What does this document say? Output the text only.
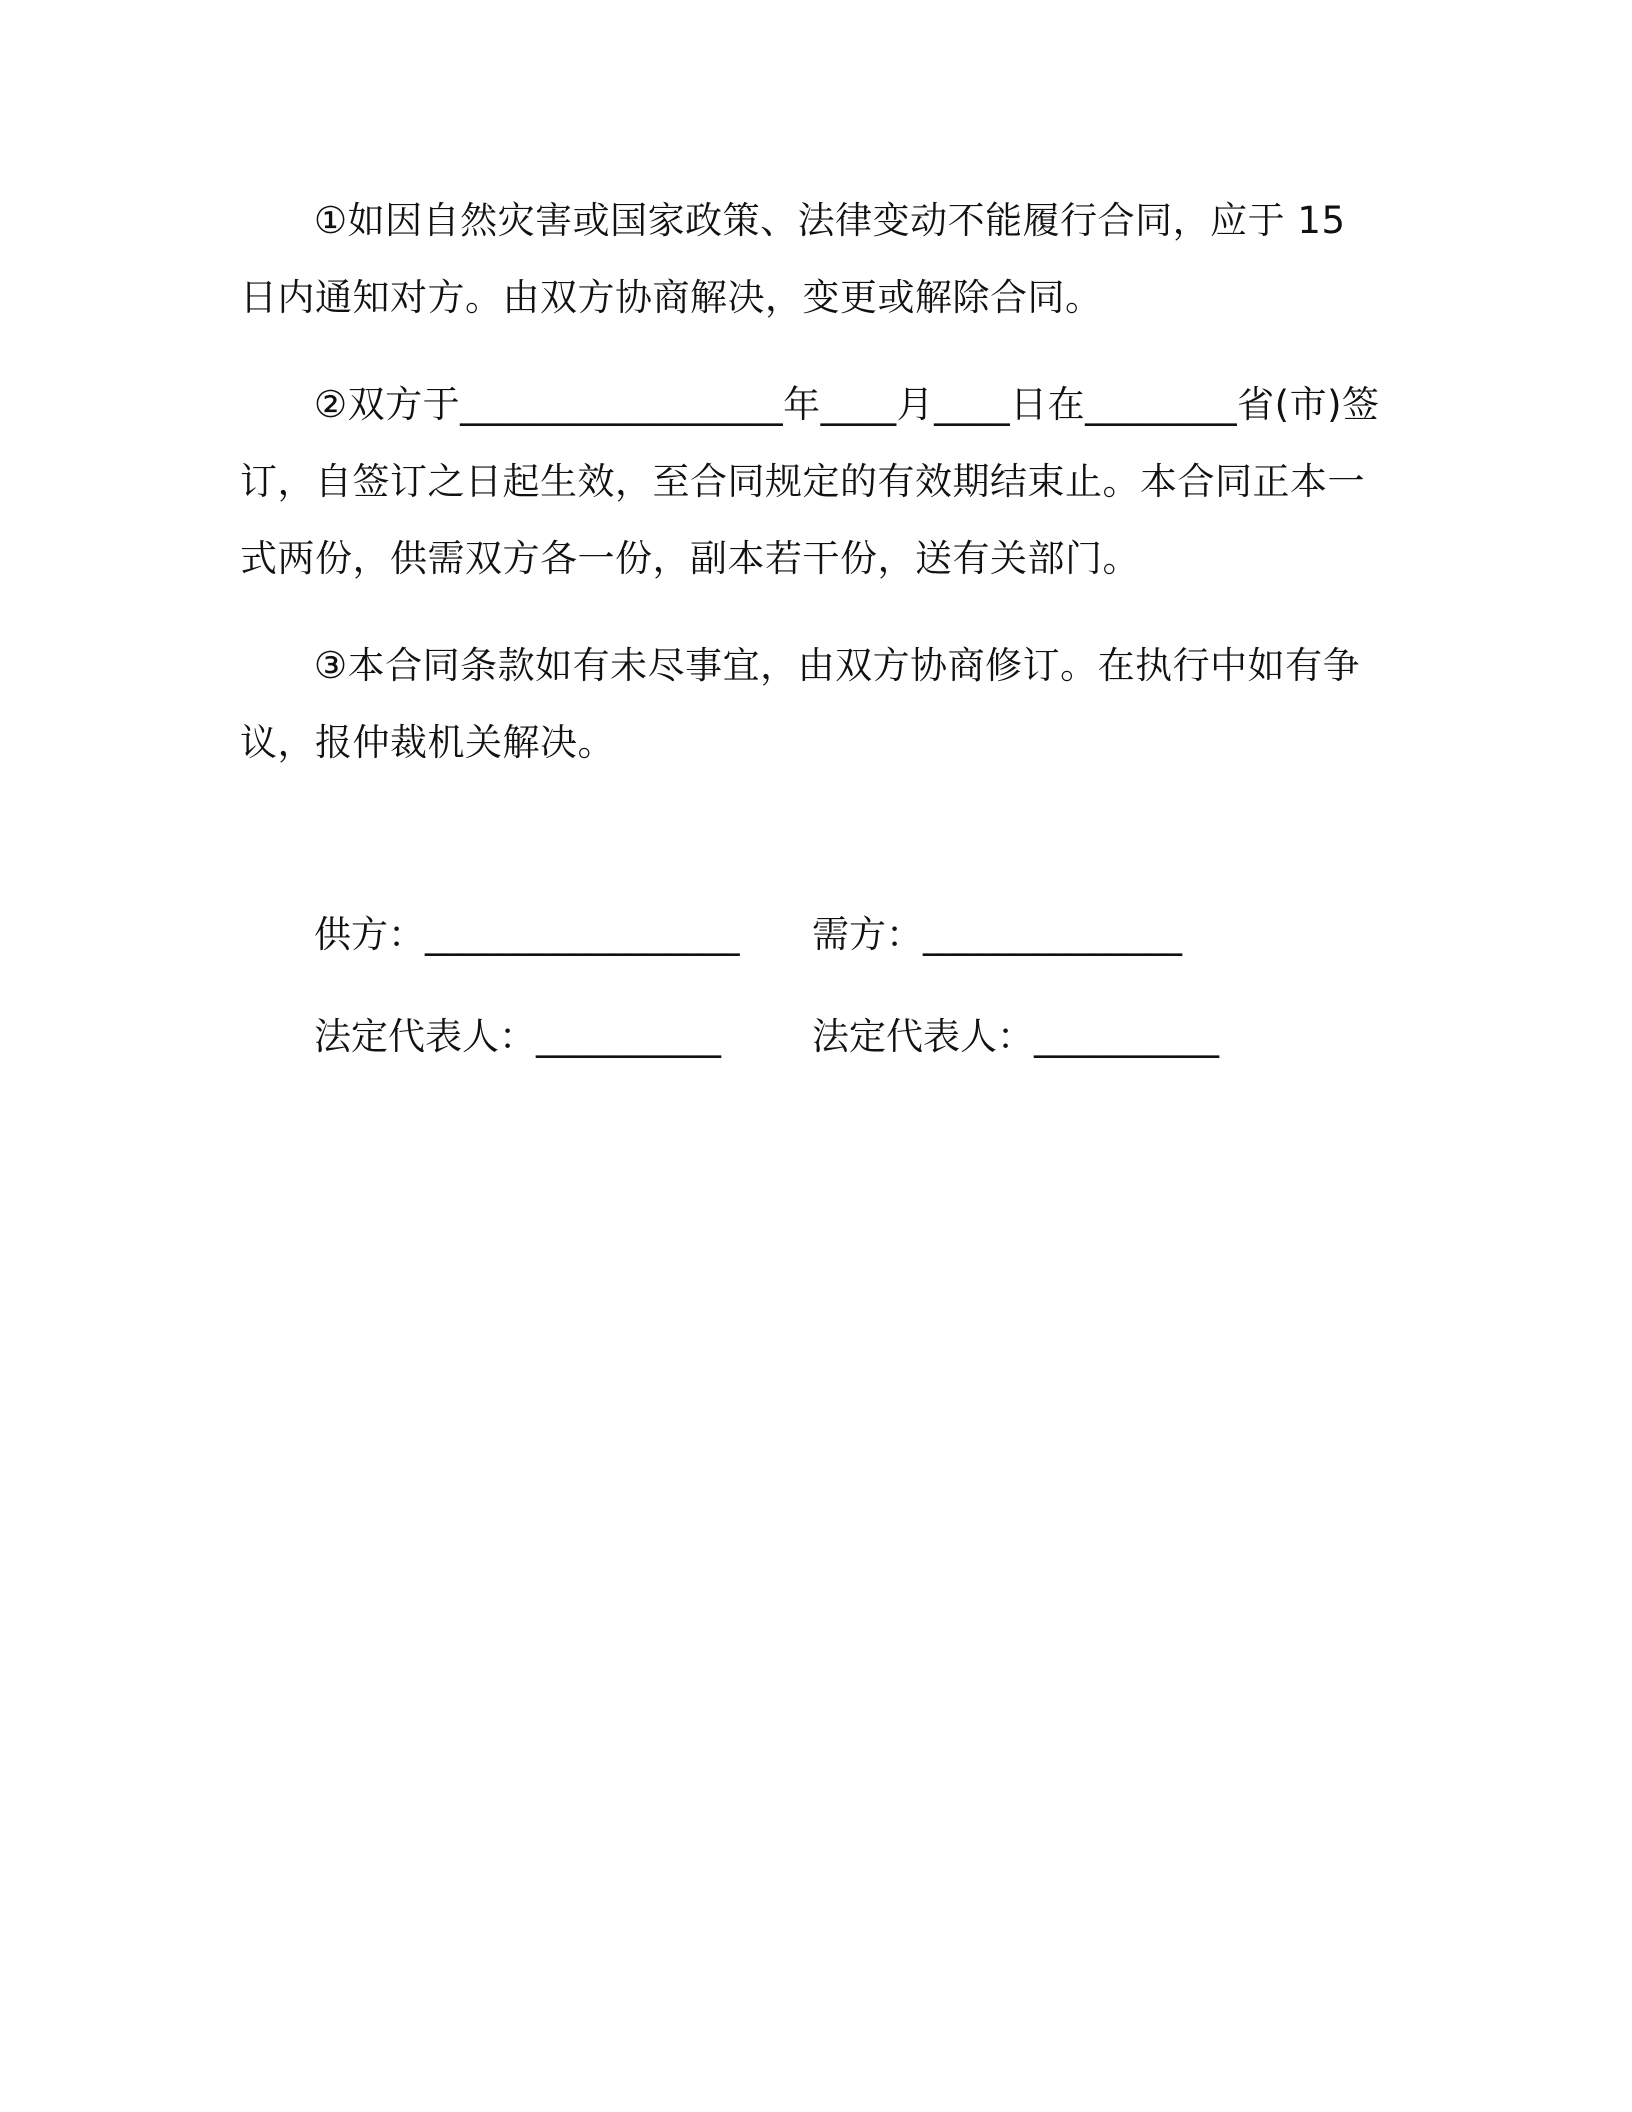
①如因自然灾害或国家政策、法律变动不能履行合同，应于 15 日内通知对方。由双方协商解决，变更或解除合同。

②双方于_________________年____月____日在________省(市)签订，自签订之日起生效，至合同规定的有效期结束止。本合同正本一式两份，供需双方各一份，副本若干份，送有关部门。

③本合同条款如有未尽事宜，由双方协商修订。在执行中如有争议，报仲裁机关解决。

供方：_________________	需方：______________
法定代表人：__________	法定代表人：__________
